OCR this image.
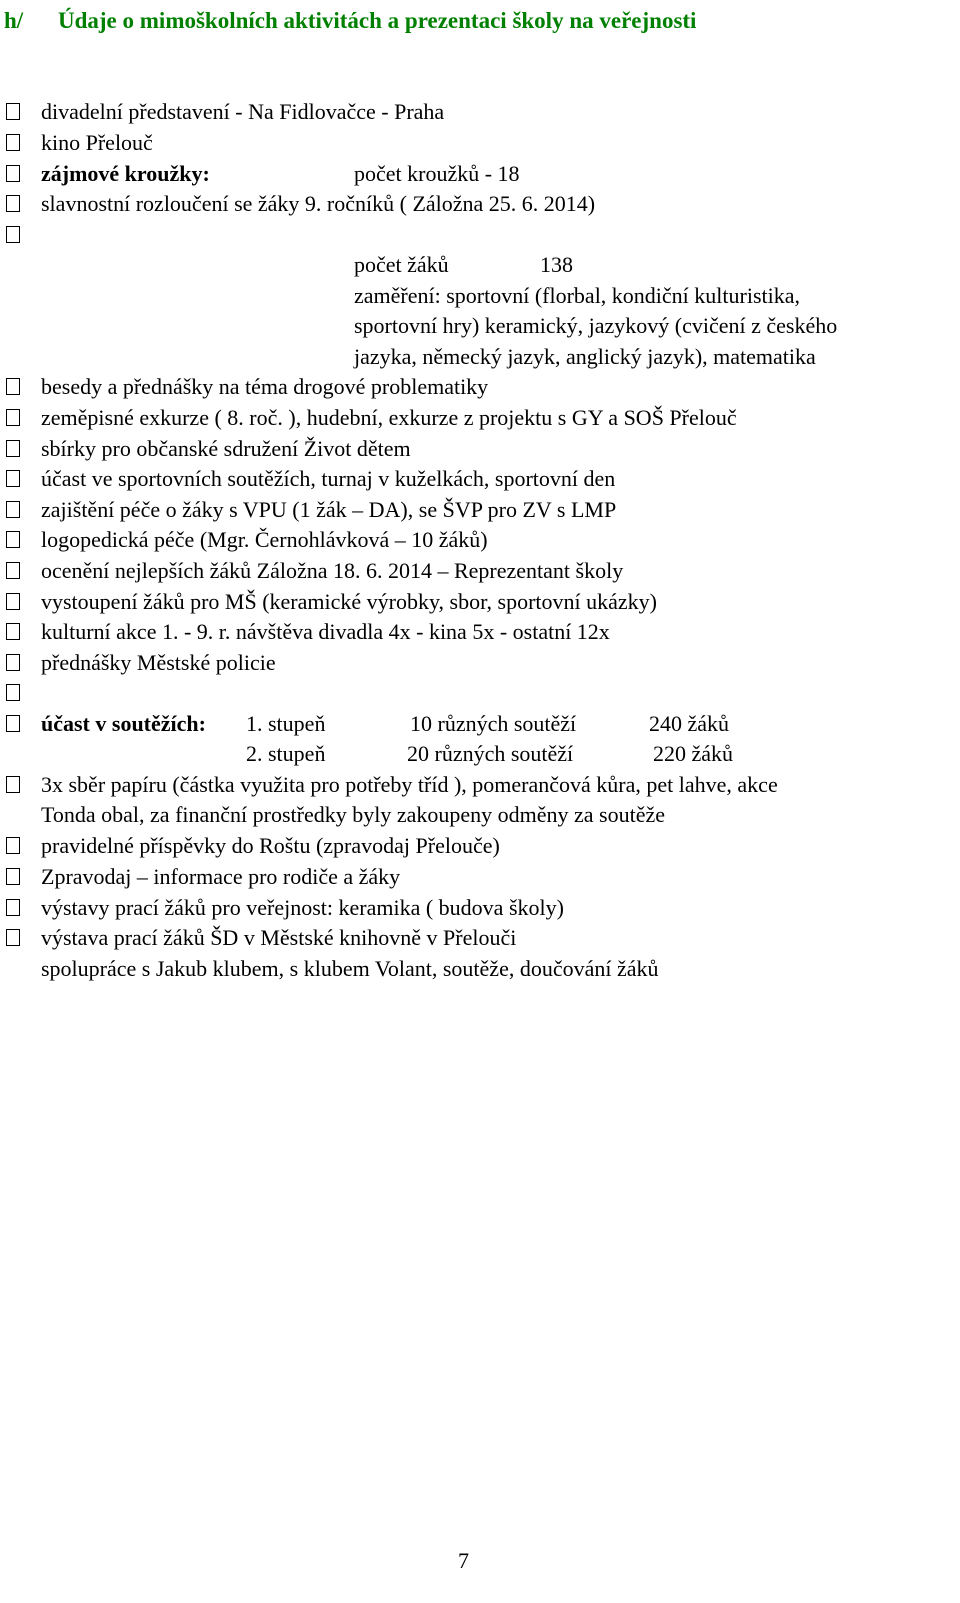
h/ Údaje o mimoškolních aktivitách a prezentaci školy na veřejnosti
divadelní představení - Na Fidlovačce - Praha
kino Přelouč
zájmové kroužky:	počet kroužků - 18
slavnostní rozloučení se žáky 9. ročníků ( Záložna 25. 6. 2014)
počet žáků	138
zaměření: sportovní (florbal, kondiční kulturistika,
sportovní hry) keramický, jazykový (cvičení z českého
jazyka, německý jazyk, anglický jazyk), matematika
besedy a přednášky na téma drogové problematiky
zeměpisné exkurze ( 8. roč. ), hudební, exkurze z projektu s GY a SOŠ Přelouč
sbírky pro občanské sdružení Život dětem
účast ve sportovních soutěžích, turnaj v kuželkách, sportovní den
zajištění péče o žáky s VPU (1 žák – DA), se ŠVP pro ZV s LMP
logopedická péče (Mgr. Černohlávková – 10 žáků)
ocenění nejlepších žáků Záložna 18. 6. 2014 – Reprezentant školy
vystoupení žáků pro MŠ (keramické výrobky, sbor, sportovní ukázky)
kulturní akce 1. - 9. r. návštěva divadla 4x - kina 5x - ostatní 12x
přednášky Městské policie
účast v soutěžích: 1. stupeň	10 různých soutěží	240 žáků
2. stupeň	20 různých soutěží	220 žáků
3x sběr papíru (částka využita pro potřeby tříd ), pomerančová kůra, pet lahve, akce
Tonda obal, za finanční prostředky byly zakoupeny odměny za soutěže
pravidelné příspěvky do Roštu (zpravodaj Přelouče)
Zpravodaj – informace pro rodiče a žáky
výstavy prací žáků pro veřejnost: keramika ( budova školy)
výstava prací žáků ŠD v Městské knihovně v Přelouči
spolupráce s Jakub klubem, s klubem Volant, soutěže, doučování žáků
7
